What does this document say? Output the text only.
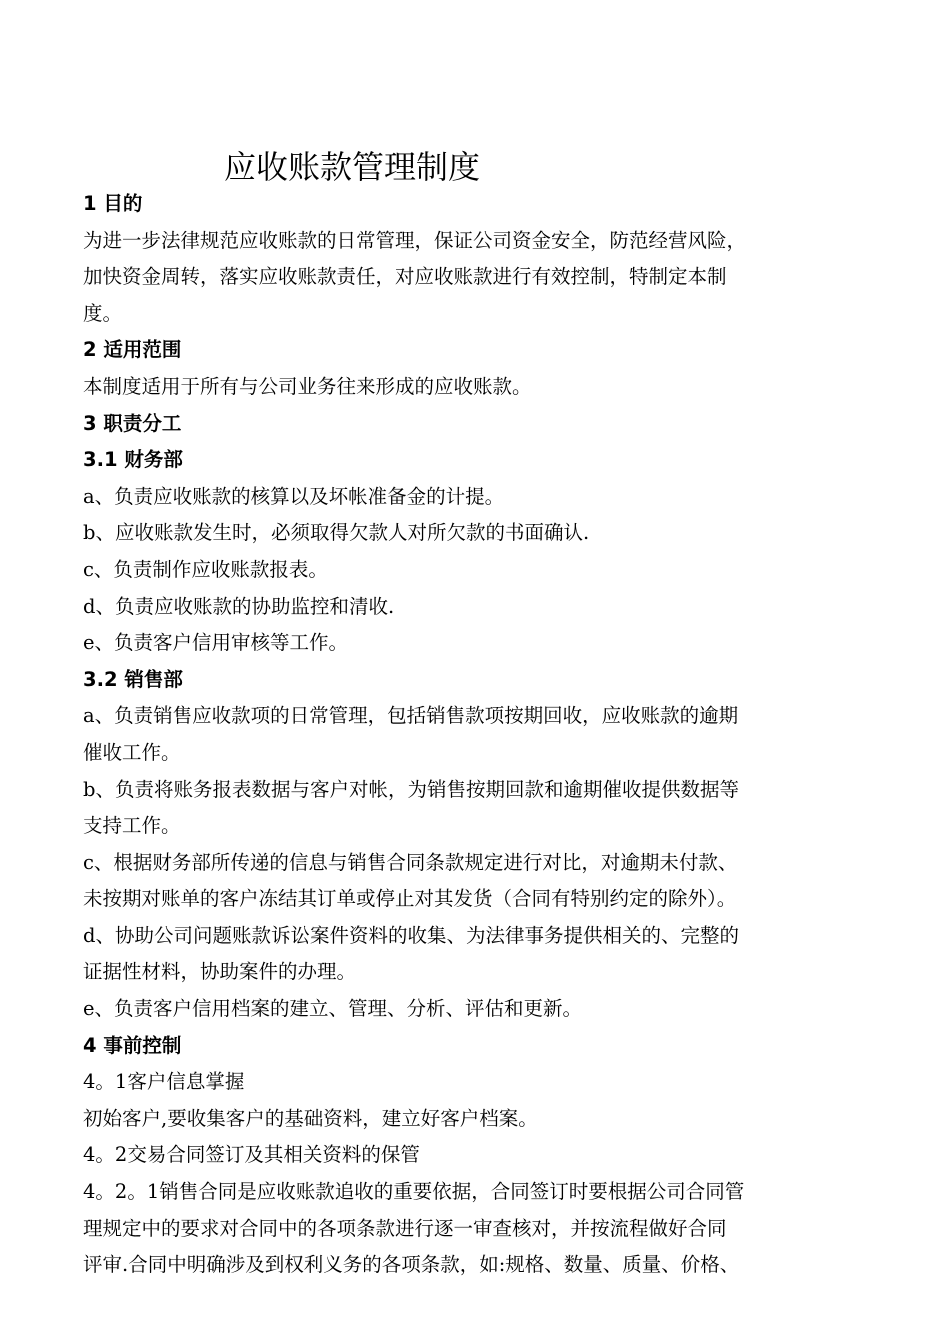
应收账款管理制度
1 目的
为进一步法律规范应收账款的日常管理，保证公司资金安全，防范经营风险，
加快资金周转，落实应收账款责任，对应收账款进行有效控制，特制定本制
度。
2 适用范围
本制度适用于所有与公司业务往来形成的应收账款。
3 职责分工
3.1 财务部
a、负责应收账款的核算以及坏帐准备金的计提。
b、应收账款发生时，必须取得欠款人对所欠款的书面确认.
c、负责制作应收账款报表。
d、负责应收账款的协助监控和清收.
e、负责客户信用审核等工作。
3.2 销售部
a、负责销售应收款项的日常管理，包括销售款项按期回收，应收账款的逾期
催收工作。
b、负责将账务报表数据与客户对帐，为销售按期回款和逾期催收提供数据等
支持工作。
c、根据财务部所传递的信息与销售合同条款规定进行对比，对逾期未付款、
未按期对账单的客户冻结其订单或停止对其发货（合同有特别约定的除外）。
d、协助公司问题账款诉讼案件资料的收集、为法律事务提供相关的、完整的
证据性材料，协助案件的办理。
e、负责客户信用档案的建立、管理、分析、评估和更新。
4 事前控制
4。1客户信息掌握
初始客户,要收集客户的基础资料，建立好客户档案。
4。2交易合同签订及其相关资料的保管
4。2。1销售合同是应收账款追收的重要依据，合同签订时要根据公司合同管
理规定中的要求对合同中的各项条款进行逐一审查核对，并按流程做好合同
评审.合同中明确涉及到权利义务的各项条款，如:规格、数量、质量、价格、
